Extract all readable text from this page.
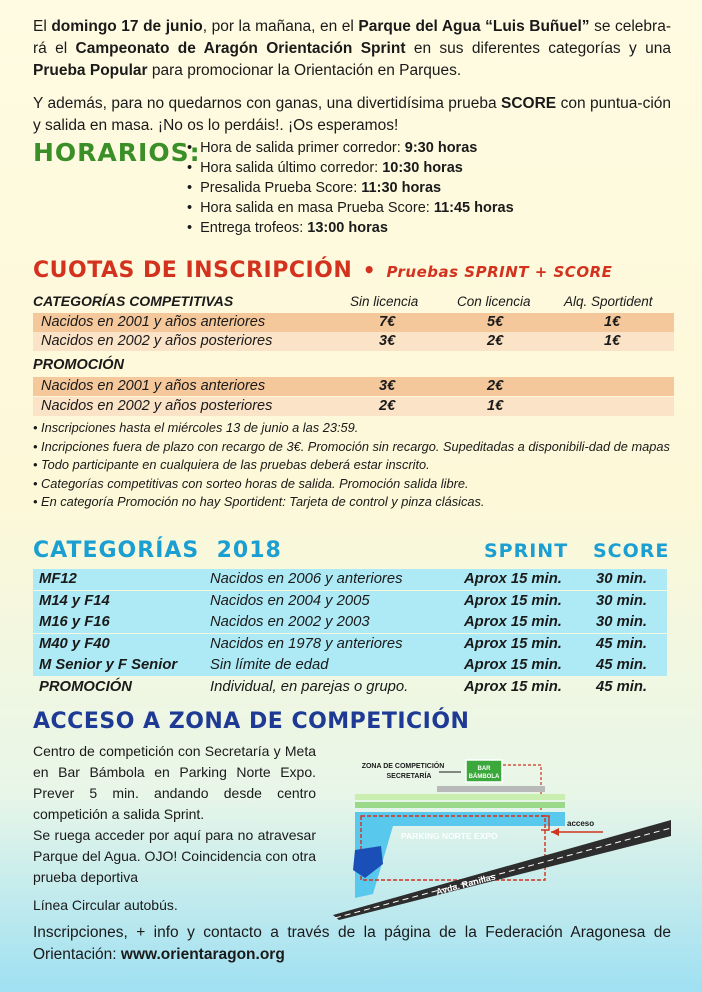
El domingo 17 de junio, por la mañana, en el Parque del Agua “Luis Buñuel” se celebra-rá el Campeonato de Aragón Orientación Sprint en sus diferentes categorías y una Prueba Popular para promocionar la Orientación en Parques.
Y además, para no quedarnos con ganas, una divertidísima prueba SCORE con puntua-ción y salida en masa. ¡No os lo perdáis!. ¡Os esperamos!
HORARIOS:
• Hora de salida primer corredor: 9:30 horas
• Hora salida último corredor: 10:30 horas
• Presalida Prueba Score: 11:30 horas
• Hora salida en masa Prueba Score: 11:45 horas
• Entrega trofeos: 13:00 horas
CUOTAS DE INSCRIPCIÓN • Pruebas SPRINT + SCORE
CATEGORÍAS COMPETITIVAS	Sin licencia	Con licencia Alq. Sportident
Nacidos en 2001 y años anteriores	7€	5€	1€
Nacidos en 2002 y años posteriores	3€	2€	1€
PROMOCIÓN
Nacidos en 2001 y años anteriores	3€	2€
Nacidos en 2002 y años posteriores	2€	1€
• Inscripciones hasta el miércoles 13 de junio a las 23:59.
• Incripciones fuera de plazo con recargo de 3€. Promoción sin recargo. Supeditadas a disponibili-dad de mapas
• Todo participante en cualquiera de las pruebas deberá estar inscrito.
• Categorías competitivas con sorteo horas de salida. Promoción salida libre.
• En categoría Promoción no hay Sportident: Tarjeta de control y pinza clásicas.
CATEGORÍAS  2018	SPRINT SCORE
MF12	Nacidos en 2006 y anteriores	Aprox 15 min. 30 min.
M14 y F14	Nacidos en 2004 y 2005	Aprox 15 min. 30 min.
M16 y F16	Nacidos en 2002 y 2003	Aprox 15 min. 30 min.
M40 y F40	Nacidos en 1978 y anteriores	Aprox 15 min. 45 min.
M Senior y F Senior Sin límite de edad	Aprox 15 min. 45 min.
PROMOCIÓN	Individual, en parejas o grupo.	Aprox 15 min. 45 min.
ACCESO A ZONA DE COMPETICIÓN
Centro de competición con Secretaría y Meta en Bar Bámbola en Parking Norte Expo. Prever 5 min. andando desde centro competición a salida Sprint.
Se ruega acceder por aquí para no atravesar Parque del Agua. OJO! Coincidencia con otra prueba deportiva
Línea Circular autobús.
BAR
BÁMBOLA
ZONA DE COMPETICIÓN
SECRETARÍA
PARKING NORTE EXPO
Avda. Ranillas
acceso
Inscripciones, + info y contacto a través de la página de la Federación Aragonesa de Orientación: www.orientaragon.org
